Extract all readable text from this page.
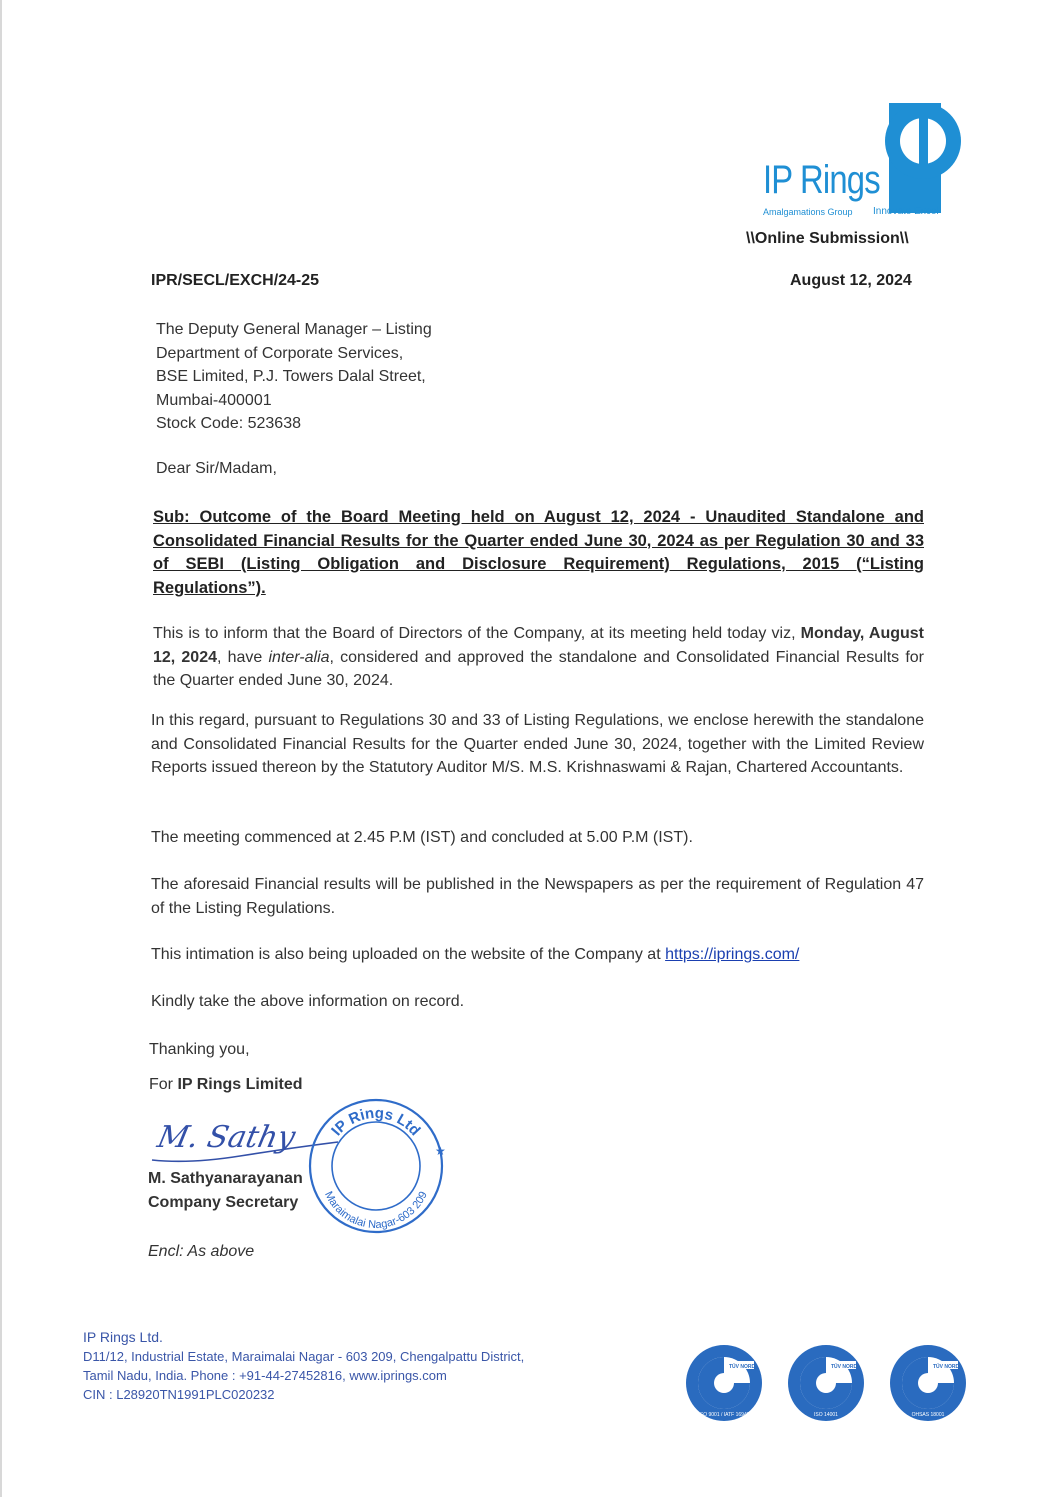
IP Rings
Amalgamations Group Innovate Excel
\\Online Submission\\
IPR/SECL/EXCH/24-25	August 12, 2024
The Deputy General Manager – Listing
Department of Corporate Services,
BSE Limited, P.J. Towers Dalal Street,
Mumbai-400001
Stock Code: 523638
Dear Sir/Madam,
Sub: Outcome of the Board Meeting held on August 12, 2024 - Unaudited Standalone and Consolidated Financial Results for the Quarter ended June 30, 2024 as per Regulation 30 and 33 of SEBI (Listing Obligation and Disclosure Requirement) Regulations, 2015 (“Listing Regulations”).
This is to inform that the Board of Directors of the Company, at its meeting held today viz, Monday, August 12, 2024, have inter-alia, considered and approved the standalone and Consolidated Financial Results for the Quarter ended June 30, 2024.
In this regard, pursuant to Regulations 30 and 33 of Listing Regulations, we enclose herewith the standalone and Consolidated Financial Results for the Quarter ended June 30, 2024, together with the Limited Review Reports issued thereon by the Statutory Auditor M/S. M.S. Krishnaswami & Rajan, Chartered Accountants.
The meeting commenced at 2.45 P.M (IST) and concluded at 5.00 P.M (IST).
The aforesaid Financial results will be published in the Newspapers as per the requirement of Regulation 47 of the Listing Regulations.
This intimation is also being uploaded on the website of the Company at https://iprings.com/
Kindly take the above information on record.
Thanking you,
For IP Rings Limited
M. Sathy IP Rings Ltd
Maraimalai Nagar-603 209
★
M. Sathyanarayanan
Company Secretary
Encl: As above
IP Rings Ltd.
D11/12, Industrial Estate, Maraimalai Nagar - 603 209, Chengalpattu District,
Tamil Nadu, India. Phone : +91-44-27452816, www.iprings.com
CIN : L28920TN1991PLC020232
TÜV NORD
ISO 9001 / IATF 16949
TÜV NORD
ISO 14001
TÜV NORD
OHSAS 18001
